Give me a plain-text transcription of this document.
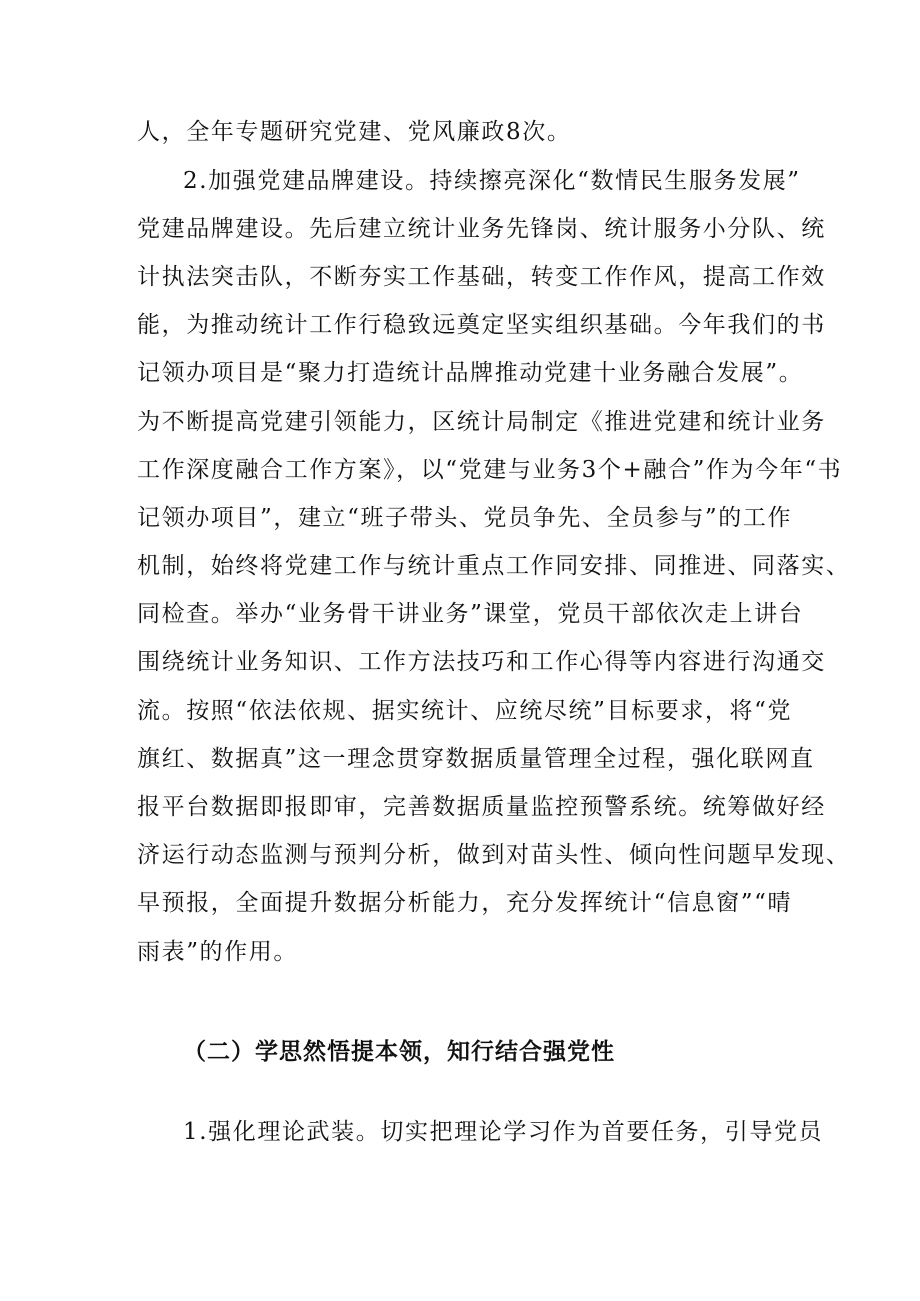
人，全年专题研究党建、党风廉政8次。
2.加强党建品牌建设。持续擦亮深化“数情民生服务发展”
党建品牌建设。先后建立统计业务先锋岗、统计服务小分队、统
计执法突击队，不断夯实工作基础，转变工作作风，提高工作效
能，为推动统计工作行稳致远奠定坚实组织基础。今年我们的书
记领办项目是“聚力打造统计品牌推动党建十业务融合发展”。
为不断提高党建引领能力，区统计局制定《推进党建和统计业务
工作深度融合工作方案》，以“党建与业务3个+融合”作为今年“书
记领办项目”，建立“班子带头、党员争先、全员参与”的工作
机制，始终将党建工作与统计重点工作同安排、同推进、同落实、
同检查。举办“业务骨干讲业务”课堂，党员干部依次走上讲台
围绕统计业务知识、工作方法技巧和工作心得等内容进行沟通交
流。按照“依法依规、据实统计、应统尽统”目标要求，将“党
旗红、数据真”这一理念贯穿数据质量管理全过程，强化联网直
报平台数据即报即审，完善数据质量监控预警系统。统筹做好经
济运行动态监测与预判分析，做到对苗头性、倾向性问题早发现、
早预报，全面提升数据分析能力，充分发挥统计“信息窗”“晴
雨表”的作用。
（二）学思然悟提本领，知行结合强党性
1.强化理论武装。切实把理论学习作为首要任务，引导党员
